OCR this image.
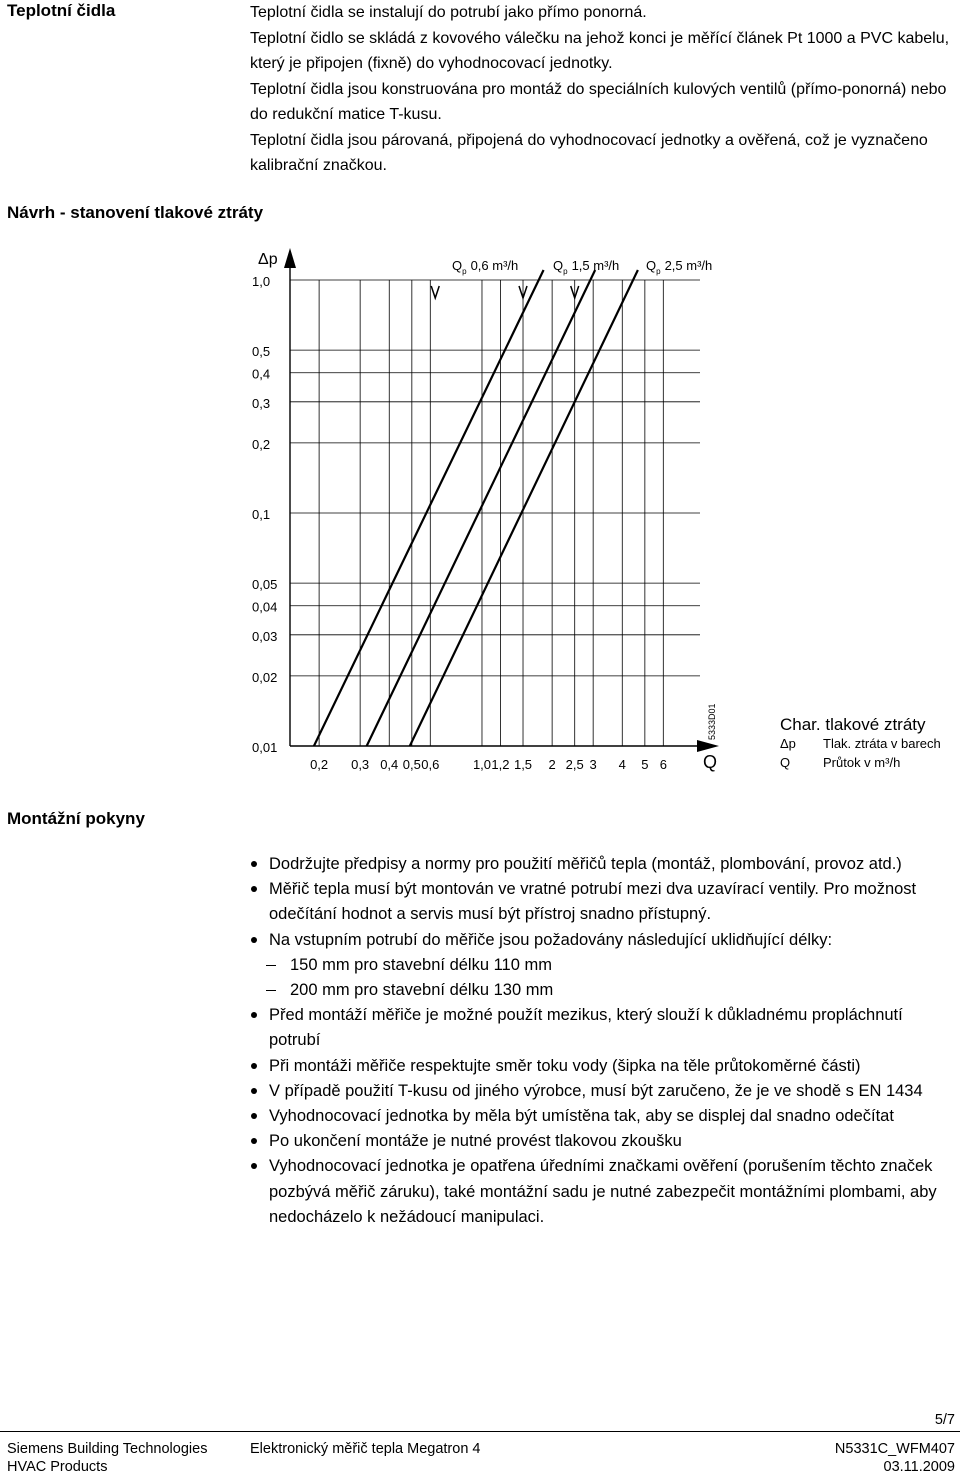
Teplotní čidla	Teplotní čidla se instalují do potrubí jako přímo ponorná.

Teplotní čidlo se skládá z kovového válečku na jehož konci je měřící článek Pt 1000 a PVC kabelu, který je připojen (fixně) do vyhodnocovací jednotky.

Teplotní čidla jsou konstruována pro montáž do speciálních kulových ventilů (přímo-ponorná) nebo do redukční matice T-kusu.

Teplotní čidla jsou párovaná, připojená do vyhodnocovací jednotky a ověřená, což je vyznačeno kalibrační značkou.

Návrh - stanovení tlakové ztráty
1,0
0,5
0,4
0,3
0,2
0,1
0,05
0,04
0,03
0,02
0,01
0,2 0,3 0,4 0,5 0,6	1,0 1,2 1,5 2 2,5 3 4 5 6
$Q_p$ 0,6 m³/h	$Q_p$ 1,5 m³/h $Q_p$ 2,5 m³/h
Δp
Q
5333D01	Char. tlakové ztráty
Δp Tlak. ztráta v barech
Q	Průtok v m³/h
Montážní pokyny
Dodržujte předpisy a normy pro použití měřičů tepla (montáž, plombování, provoz atd.)
Měřič tepla musí být montován ve vratné potrubí mezi dva uzavírací ventily. Pro možnost odečítání hodnot a servis musí být přístroj snadno přístupný.
Na vstupním potrubí do měřiče jsou požadovány následující uklidňující délky:
150 mm pro stavební délku 110 mm
200 mm pro stavební délku 130 mm
Před montáží měřiče je možné použít mezikus, který slouží k důkladnému propláchnutí potrubí
Při montáži měřiče respektujte směr toku vody (šipka na těle průtokoměrné části)
V případě použití T-kusu od jiného výrobce, musí být zaručeno, že je ve shodě s EN 1434
Vyhodnocovací jednotka by měla být umístěna tak, aby se displej dal snadno odečítat
Po ukončení montáže je nutné provést tlakovou zkoušku
Vyhodnocovací jednotka je opatřena úředními značkami ověření (porušením těchto značek pozbývá měřič záruku), také montážní sadu je nutné zabezpečit montážními plombami, aby nedocházelo k nežádoucí manipulaci.
5/7
Siemens Building Technologies
HVAC Products
Elektronický měřič tepla Megatron 4	N5331C_WFM407
03.11.2009
